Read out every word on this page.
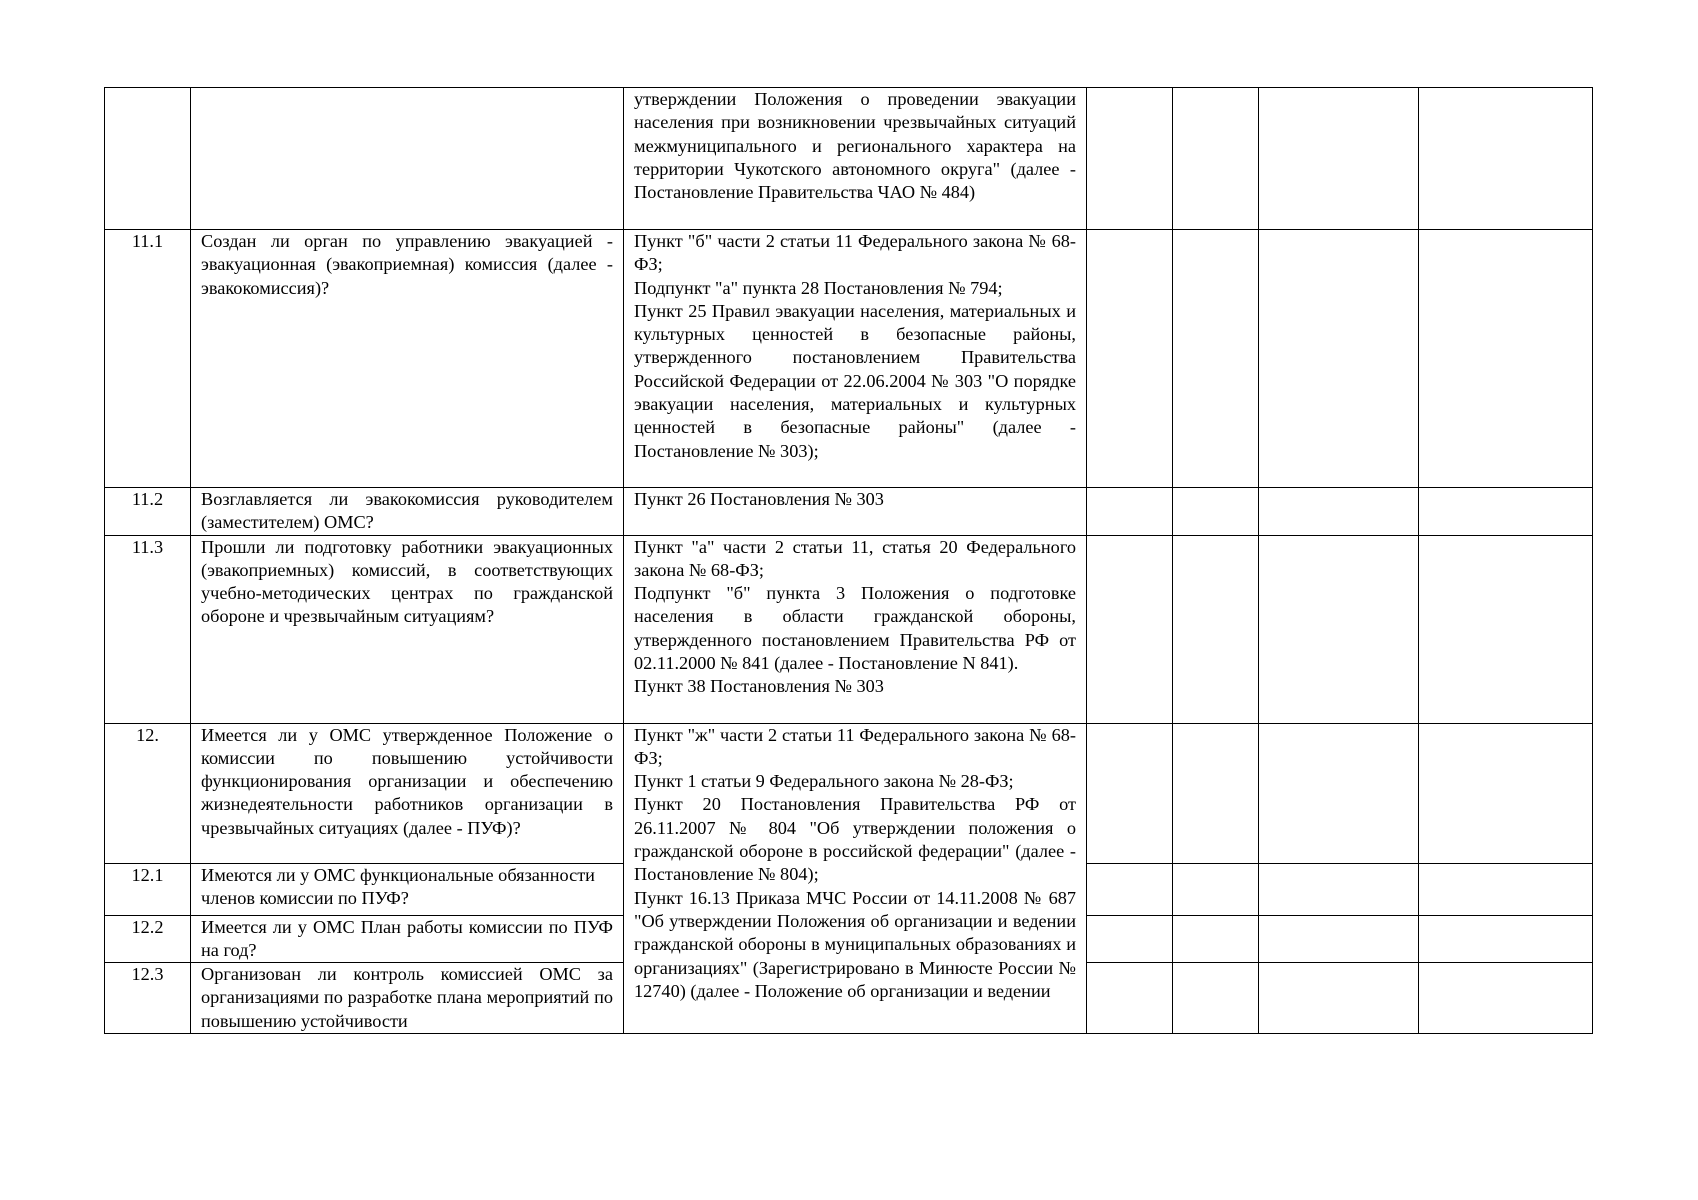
		утверждении Положения о проведении эвакуации населения при возникновении чрезвычайных ситуаций межмуниципального и регионального характера на территории Чукотского автономного округа" (далее - Постановление Правительства ЧАО № 484)				

11.1	Создан ли орган по управлению эвакуацией - эвакуационная (эвакоприемная) комиссия (далее - эвакокомиссия)?	Пункт "б" части 2 статьи 11 Федерального закона № 68-ФЗ;
Подпункт "а" пункта 28 Постановления № 794;
Пункт 25 Правил эвакуации населения, материальных и культурных ценностей в безопасные районы, утвержденного постановлением Правительства Российской Федерации от 22.06.2004 № 303 "О порядке эвакуации населения, материальных и культурных ценностей в безопасные районы" (далее - Постановление № 303);				

11.2	Возглавляется ли эвакокомиссия руководителем (заместителем) ОМС?	Пункт 26 Постановления № 303				

11.3	Прошли ли подготовку работники эвакуационных (эвакоприемных) комиссий, в соответствующих учебно-методических центрах по гражданской обороне и чрезвычайным ситуациям?	Пункт "а" части 2 статьи 11, статья 20 Федерального закона № 68-ФЗ;
Подпункт "б" пункта 3 Положения о подготовке населения в области гражданской обороны, утвержденного постановлением Правительства РФ от 02.11.2000 № 841 (далее - Постановление N 841).
Пункт 38 Постановления № 303				

12.	Имеется ли у ОМС утвержденное Положение о комиссии по повышению устойчивости функционирования организации и обеспечению жизнедеятельности работников организации в чрезвычайных ситуациях (далее - ПУФ)?	Пункт "ж" части 2 статьи 11 Федерального закона № 68-ФЗ;
Пункт 1 статьи 9 Федерального закона № 28-ФЗ;
Пункт 20 Постановления Правительства РФ от 26.11.2007 № 804 "Об утверждении положения о гражданской обороне в российской федерации" (далее - Постановление № 804);
Пункт 16.13 Приказа МЧС России от 14.11.2008 № 687 "Об утверждении Положения об организации и ведении гражданской обороны в муниципальных образованиях и организациях" (Зарегистрировано в Минюсте России № 12740) (далее - Положение об организации и ведении				

12.1	Имеются ли у ОМС функциональные обязанности членов комиссии по ПУФ?					
12.2	Имеется ли у ОМС План работы комиссии по ПУФ на год?					
12.3	Организован ли контроль комиссией ОМС за организациями по разработке плана мероприятий по повышению устойчивости					
